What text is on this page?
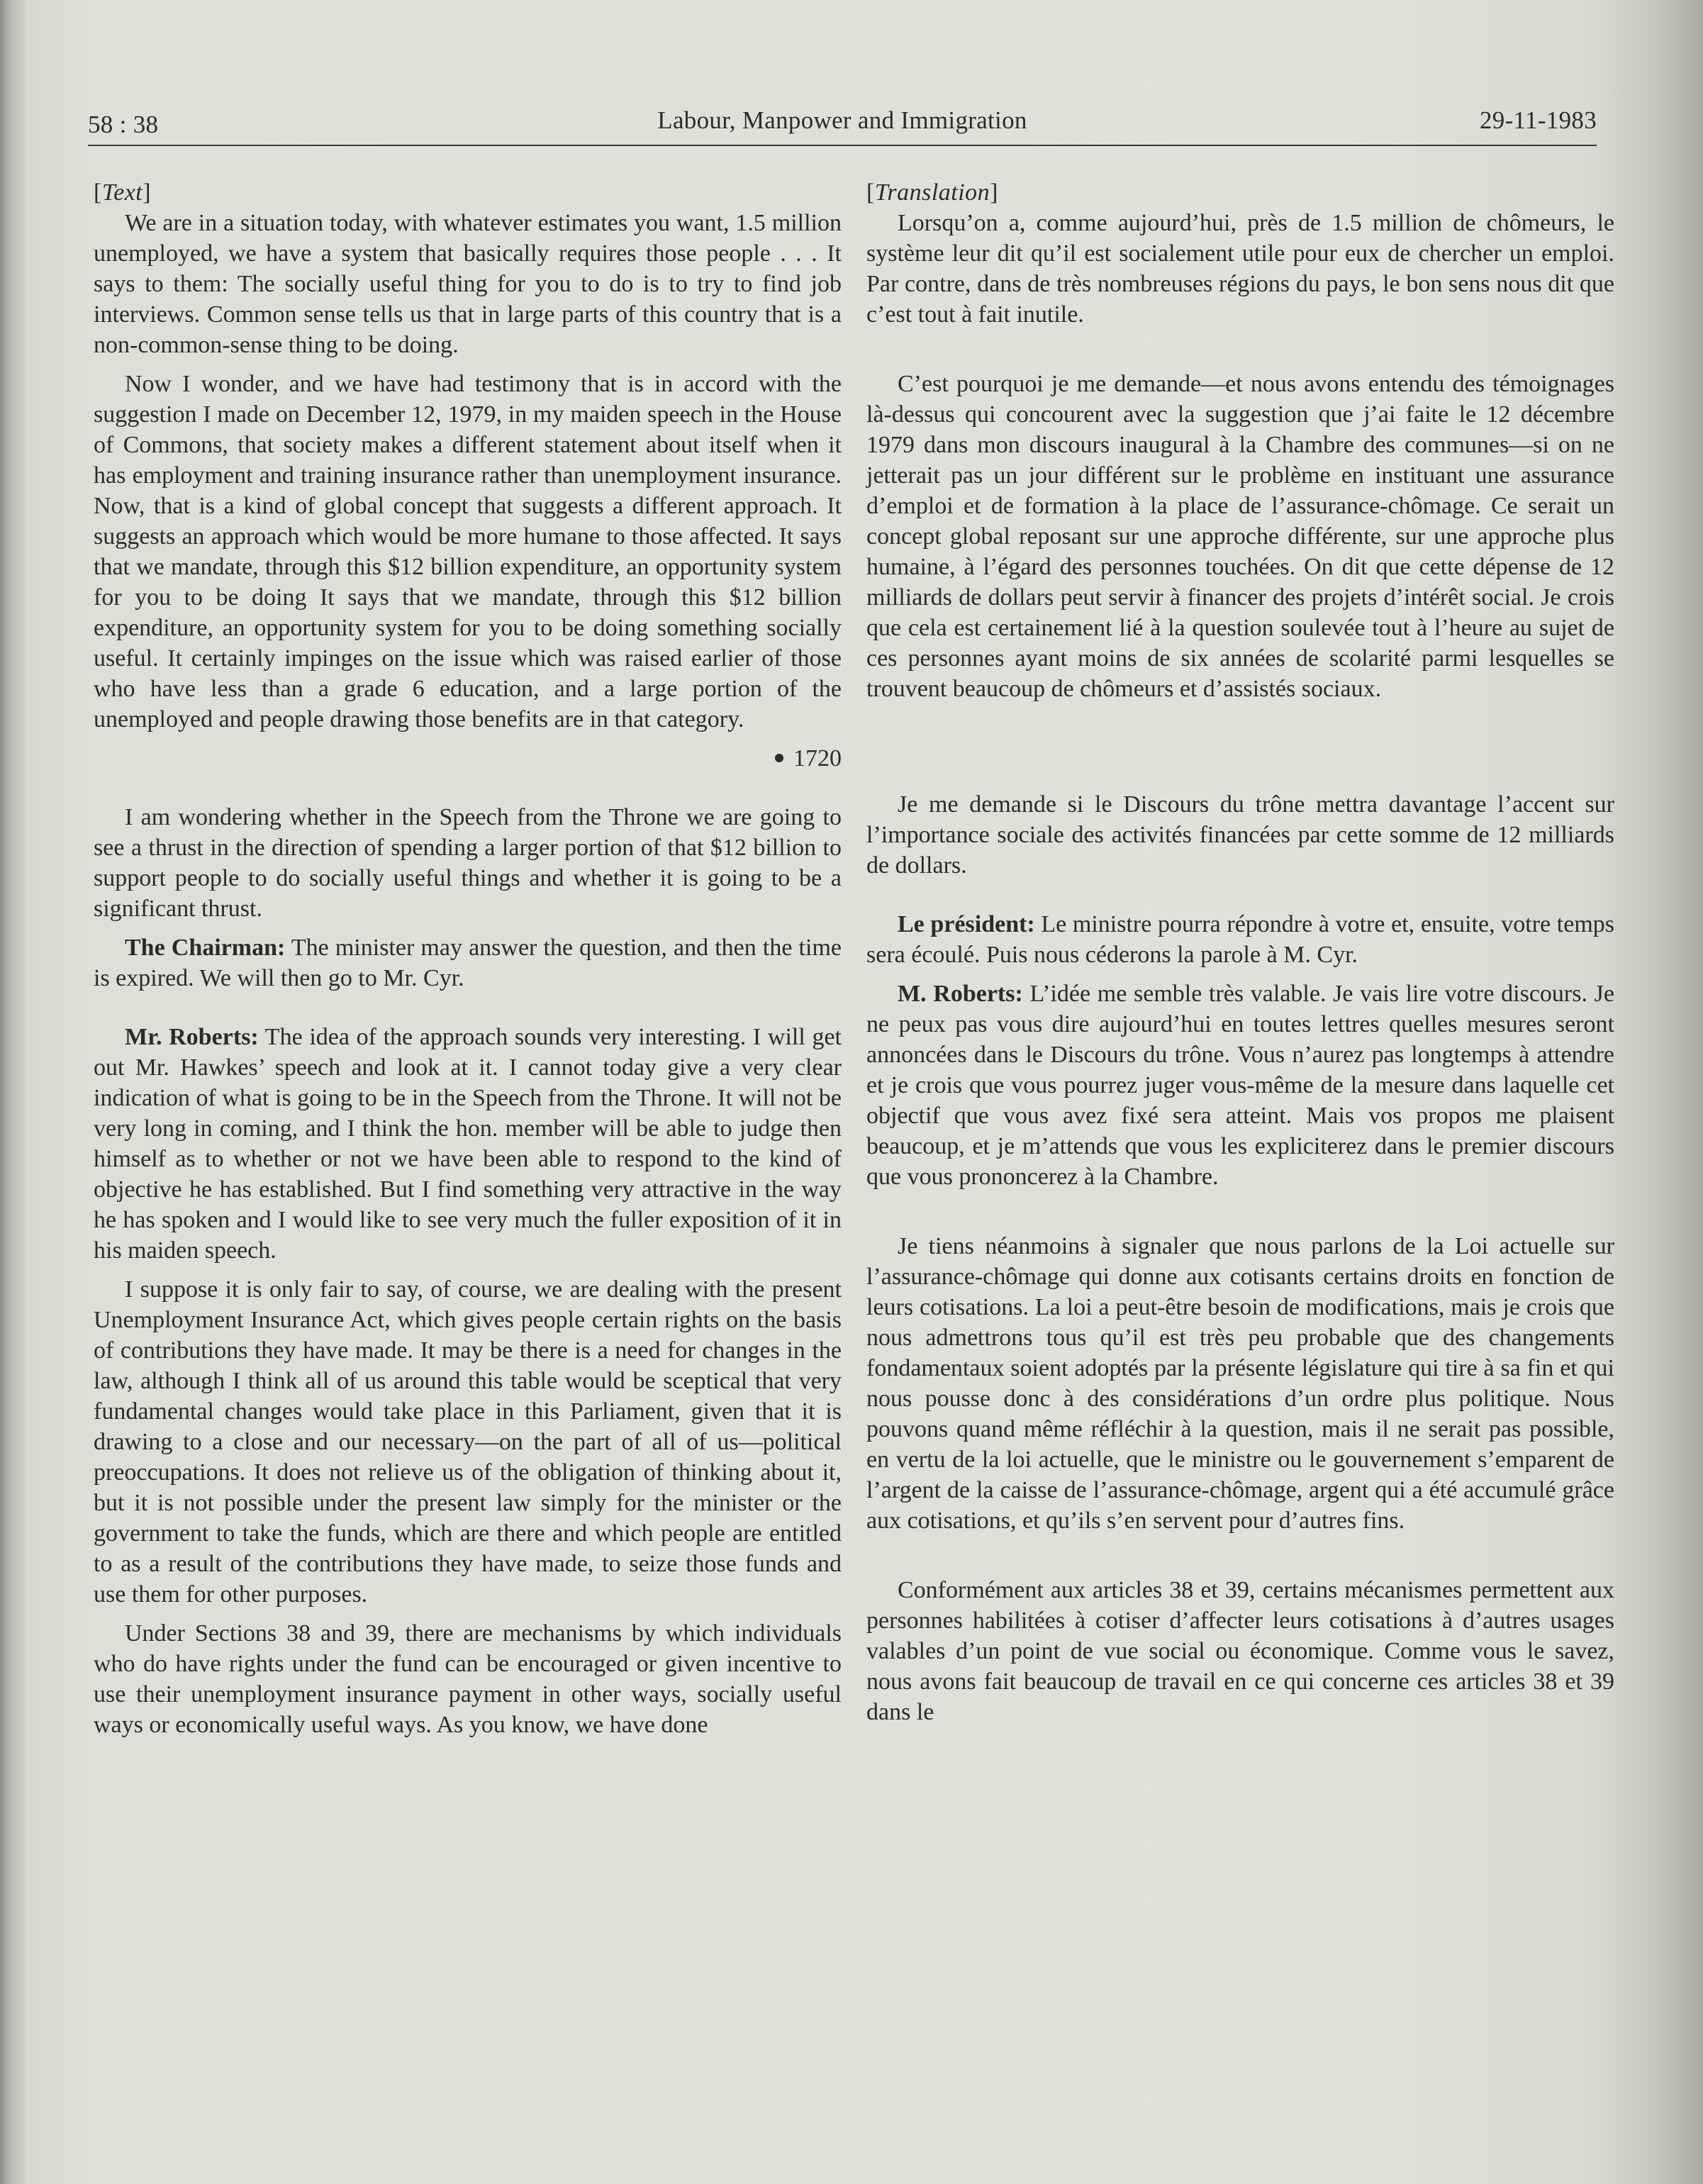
58 : 38	Labour, Manpower and Immigration	29-11-1983

[Text]

We are in a situation today, with whatever estimates you want, 1.5 million unemployed, we have a system that basically requires those people . . . It says to them: The socially useful thing for you to do is to try to find job interviews. Common sense tells us that in large parts of this country that is a non-common-sense thing to be doing.

Now I wonder, and we have had testimony that is in accord with the suggestion I made on December 12, 1979, in my maiden speech in the House of Commons, that society makes a different statement about itself when it has employment and training insurance rather than unemployment insurance. Now, that is a kind of global concept that suggests a different approach. It suggests an approach which would be more humane to those affected. It says that we mandate, through this $12 billion expenditure, an opportunity system for you to be doing It says that we mandate, through this $12 billion expenditure, an opportunity system for you to be doing something socially useful. It certainly impinges on the issue which was raised earlier of those who have less than a grade 6 education, and a large portion of the unemployed and people drawing those benefits are in that category.

1720

I am wondering whether in the Speech from the Throne we are going to see a thrust in the direction of spending a larger portion of that $12 billion to support people to do socially useful things and whether it is going to be a significant thrust.

The Chairman: The minister may answer the question, and then the time is expired. We will then go to Mr. Cyr.

Mr. Roberts: The idea of the approach sounds very interesting. I will get out Mr. Hawkes’ speech and look at it. I cannot today give a very clear indication of what is going to be in the Speech from the Throne. It will not be very long in coming, and I think the hon. member will be able to judge then himself as to whether or not we have been able to respond to the kind of objective he has established. But I find something very attractive in the way he has spoken and I would like to see very much the fuller exposition of it in his maiden speech.

I suppose it is only fair to say, of course, we are dealing with the present Unemployment Insurance Act, which gives people certain rights on the basis of contributions they have made. It may be there is a need for changes in the law, although I think all of us around this table would be sceptical that very fundamental changes would take place in this Parliament, given that it is drawing to a close and our necessary—on the part of all of us—political preoccupations. It does not relieve us of the obligation of thinking about it, but it is not possible under the present law simply for the minister or the government to take the funds, which are there and which people are entitled to as a result of the contributions they have made, to seize those funds and use them for other purposes.

Under Sections 38 and 39, there are mechanisms by which individuals who do have rights under the fund can be encouraged or given incentive to use their unemployment insurance payment in other ways, socially useful ways or economically useful ways. As you know, we have done

[Translation]

Lorsqu’on a, comme aujourd’hui, près de 1.5 million de chômeurs, le système leur dit qu’il est socialement utile pour eux de chercher un emploi. Par contre, dans de très nombreuses régions du pays, le bon sens nous dit que c’est tout à fait inutile.

C’est pourquoi je me demande—et nous avons entendu des témoignages là-dessus qui concourent avec la suggestion que j’ai faite le 12 décembre 1979 dans mon discours inaugural à la Chambre des communes—si on ne jetterait pas un jour différent sur le problème en instituant une assurance d’emploi et de formation à la place de l’assurance-chômage. Ce serait un concept global reposant sur une approche différente, sur une approche plus humaine, à l’égard des personnes touchées. On dit que cette dépense de 12 milliards de dollars peut servir à financer des projets d’intérêt social. Je crois que cela est certainement lié à la question soulevée tout à l’heure au sujet de ces personnes ayant moins de six années de scolarité parmi lesquelles se trouvent beaucoup de chômeurs et d’assistés sociaux.

Je me demande si le Discours du trône mettra davantage l’accent sur l’importance sociale des activités financées par cette somme de 12 milliards de dollars.

Le président: Le ministre pourra répondre à votre et, ensuite, votre temps sera écoulé. Puis nous céderons la parole à M. Cyr.

M. Roberts: L’idée me semble très valable. Je vais lire votre discours. Je ne peux pas vous dire aujourd’hui en toutes lettres quelles mesures seront annoncées dans le Discours du trône. Vous n’aurez pas longtemps à attendre et je crois que vous pourrez juger vous-même de la mesure dans laquelle cet objectif que vous avez fixé sera atteint. Mais vos propos me plaisent beaucoup, et je m’attends que vous les expliciterez dans le premier discours que vous prononcerez à la Chambre.

Je tiens néanmoins à signaler que nous parlons de la Loi actuelle sur l’assurance-chômage qui donne aux cotisants certains droits en fonction de leurs cotisations. La loi a peut-être besoin de modifications, mais je crois que nous admettrons tous qu’il est très peu probable que des changements fondamentaux soient adoptés par la présente législature qui tire à sa fin et qui nous pousse donc à des considérations d’un ordre plus politique. Nous pouvons quand même réfléchir à la question, mais il ne serait pas possible, en vertu de la loi actuelle, que le ministre ou le gouvernement s’emparent de l’argent de la caisse de l’assurance-chômage, argent qui a été accumulé grâce aux cotisations, et qu’ils s’en servent pour d’autres fins.

Conformément aux articles 38 et 39, certains mécanismes permettent aux personnes habilitées à cotiser d’affecter leurs cotisations à d’autres usages valables d’un point de vue social ou économique. Comme vous le savez, nous avons fait beaucoup de travail en ce qui concerne ces articles 38 et 39 dans le
